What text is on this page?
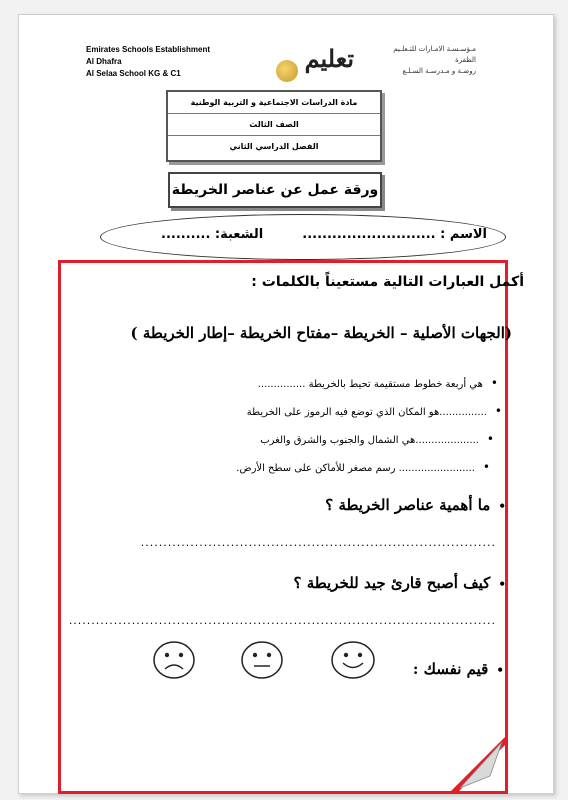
Emirates Schools Establishment
Al Dhafra
Al Selaa School KG & C1
تعليم	مـؤسـسـة الامـارات للتـعلـيم
الظفرة
روضـة و مـدرسـة السـلـع
مادة الدراسات الاجتماعية و التربية الوطنية
الصف الثالث
الفصل الدراسي الثاني
ورقة عمل عن عناصر الخريطة
الاسم : ...........................  الشعبة: ..........
أكمل العبارات التالية مستعيناً بالكلمات :
(الجهات الأصلية – الخريطة –مفتاح الخريطة –إطار الخريطة )
•هي أربعة خطوط مستقيمة تحيط بالخريطة ...............
•...............هو المكان الذي توضع فيه الرموز على الخريطة
•....................هي الشمال والجنوب والشرق والغرب
•........................ رسم مصغر للأماكن على سطح الأرض.
•ما أهمية عناصر الخريطة ؟
...............................................................................
•كيف أصبح قارئ جيد للخريطة ؟
...............................................................................................
•قيم نفسك :
